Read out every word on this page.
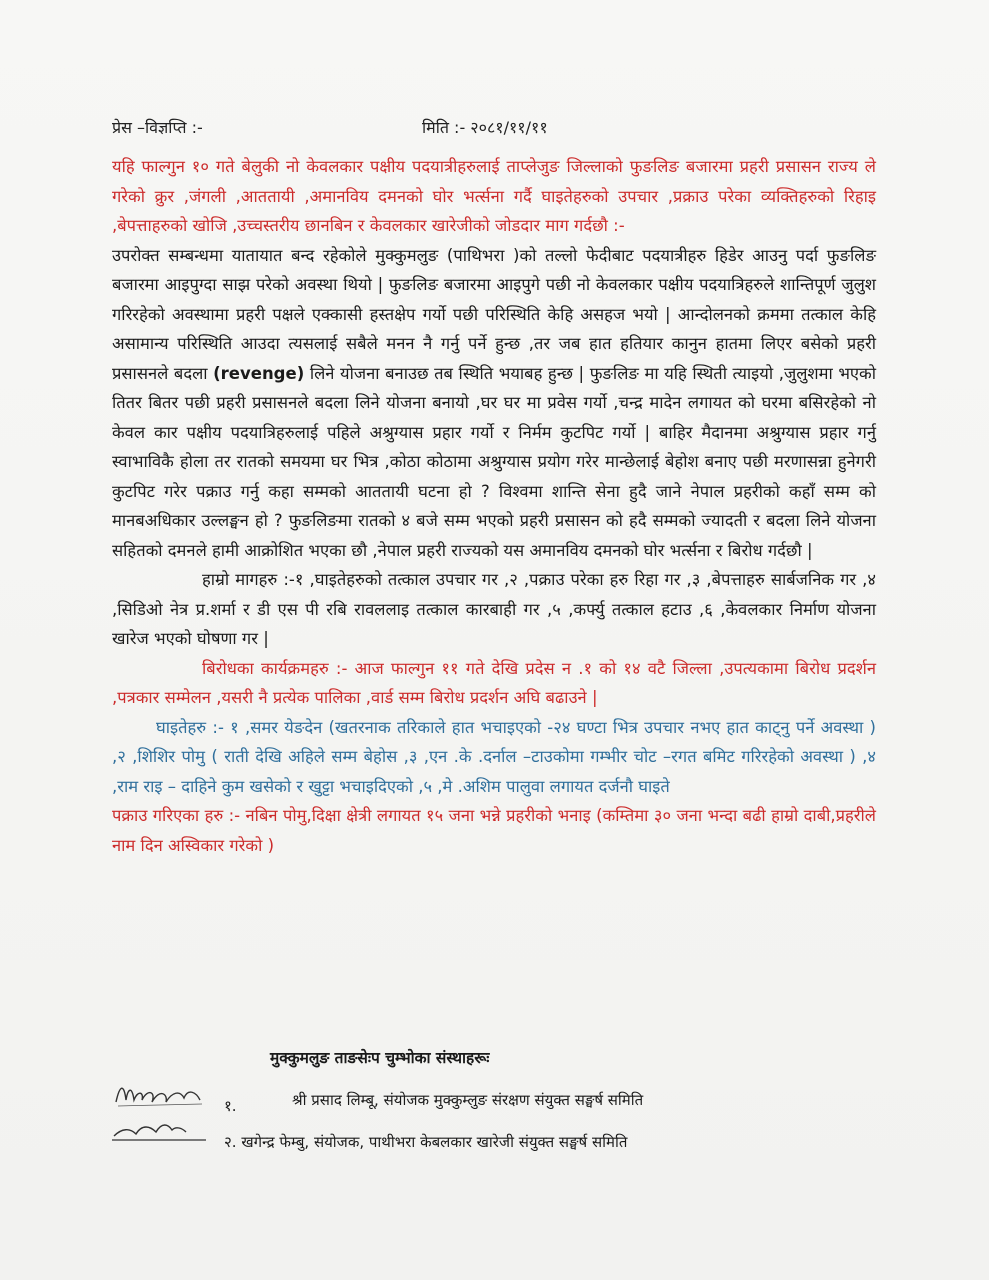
प्रेस –विज्ञप्ति :-	मिति :- २०८१/११/११

यहि फाल्गुन १० गते बेलुकी नो केवलकार पक्षीय पदयात्रीहरुलाई ताप्लेजुङ जिल्लाको फुङलिङ बजारमा प्रहरी प्रसासन राज्य ले गरेको क्रुर ,जंगली ,आततायी ,अमानविय दमनको घोर भर्त्सना गर्दै घाइतेहरुको उपचार ,प्रक्राउ परेका व्यक्तिहरुको रिहाइ ,बेपत्ताहरुको खोजि ,उच्चस्तरीय छानबिन र केवलकार खारेजीको जोडदार माग गर्दछौ :-

उपरोक्त सम्बन्धमा यातायात बन्द रहेकोले मुक्कुमलुङ (पाथिभरा )को तल्लो फेदीबाट पदयात्रीहरु हिडेर आउनु पर्दा फुङलिङ बजारमा आइपुग्दा साझ परेको अवस्था थियो | फुङलिङ बजारमा आइपुगे पछी नो केवलकार पक्षीय पदयात्रिहरुले शान्तिपूर्ण जुलुश गरिरहेको अवस्थामा प्रहरी पक्षले एक्कासी हस्तक्षेप गर्यो पछी परिस्थिति केहि असहज भयो | आन्दोलनको क्रममा तत्काल केहि असामान्य परिस्थिति आउदा त्यसलाई सबैले मनन नै गर्नु पर्ने हुन्छ ,तर जब हात हतियार कानुन हातमा लिएर बसेको प्रहरी प्रसासनले बदला (revenge) लिने योजना बनाउछ तब स्थिति भयाबह हुन्छ | फुङलिङ मा यहि स्थिती त्याइयो ,जुलुशमा भएको तितर बितर पछी प्रहरी प्रसासनले बदला लिने योजना बनायो ,घर घर मा प्रवेस गर्यो ,चन्द्र मादेन लगायत को घरमा बसिरहेको नो केवल कार पक्षीय पदयात्रिहरुलाई पहिले अश्रुग्यास प्रहार गर्यो र निर्मम कुटपिट गर्यो | बाहिर मैदानमा अश्रुग्यास प्रहार गर्नु स्वाभाविकै होला तर रातको समयमा घर भित्र ,कोठा कोठामा अश्रुग्यास प्रयोग गरेर मान्छेलाई बेहोश बनाए पछी मरणासन्ना हुनेगरी कुटपिट गरेर पक्राउ गर्नु कहा सम्मको आततायी घटना हो ? विश्वमा शान्ति सेना हुदै जाने नेपाल प्रहरीको कहाँ सम्म को मानबअधिकार उल्लङ्घन हो ? फुङलिङमा रातको ४ बजे सम्म भएको प्रहरी प्रसासन को हदै सम्मको ज्यादती र बदला लिने योजना सहितको दमनले हामी आक्रोशित भएका छौ ,नेपाल प्रहरी राज्यको यस अमानविय दमनको घोर भर्त्सना र बिरोध गर्दछौ |

हाम्रो मागहरु :-१ ,घाइतेहरुको तत्काल उपचार गर ,२ ,पक्राउ परेका हरु रिहा गर ,३ ,बेपत्ताहरु सार्बजनिक गर ,४ ,सिडिओ नेत्र प्र.शर्मा र डी एस पी रबि रावललाइ तत्काल कारबाही गर ,५ ,कर्फ्यु तत्काल हटाउ ,६ ,केवलकार निर्माण योजना खारेज भएको घोषणा गर |

बिरोधका कार्यक्रमहरु :- आज फाल्गुन ११ गते देखि प्रदेस न .१ को १४ वटै जिल्ला ,उपत्यकामा बिरोध प्रदर्शन ,पत्रकार सम्मेलन ,यसरी नै प्रत्येक पालिका ,वार्ड सम्म बिरोध प्रदर्शन अघि बढाउने |

घाइतेहरु :- १ ,समर येङदेन (खतरनाक तरिकाले हात भचाइएको -२४ घण्टा भित्र उपचार नभए हात काट्नु पर्ने अवस्था ) ,२ ,शिशिर पोमु ( राती देखि अहिले सम्म बेहोस ,३ ,एन .के .दर्नाल –टाउकोमा गम्भीर चोट –रगत बमिट गरिरहेको अवस्था ) ,४ ,राम राइ – दाहिने कुम खसेको र खुट्टा भचाइदिएको ,५ ,मे .अशिम पालुवा लगायत दर्जनौ घाइते

पक्राउ गरिएका हरु :- नबिन पोमु,दिक्षा क्षेत्री लगायत १५ जना भन्ने प्रहरीको भनाइ (कम्तिमा ३० जना भन्दा बढी हाम्रो दाबी,प्रहरीले नाम दिन अस्विकार गरेको )

मुक्कुमलुङ ताङसेःप चुम्भोका संस्थाहरूः
१.	श्री प्रसाद लिम्बू, संयोजक मुक्कुम्लुङ संरक्षण संयुक्त सङ्घर्ष समिति
२. खगेन्द्र फेम्बु, संयोजक, पाथीभरा केबलकार खारेजी संयुक्त सङ्घर्ष समिति
